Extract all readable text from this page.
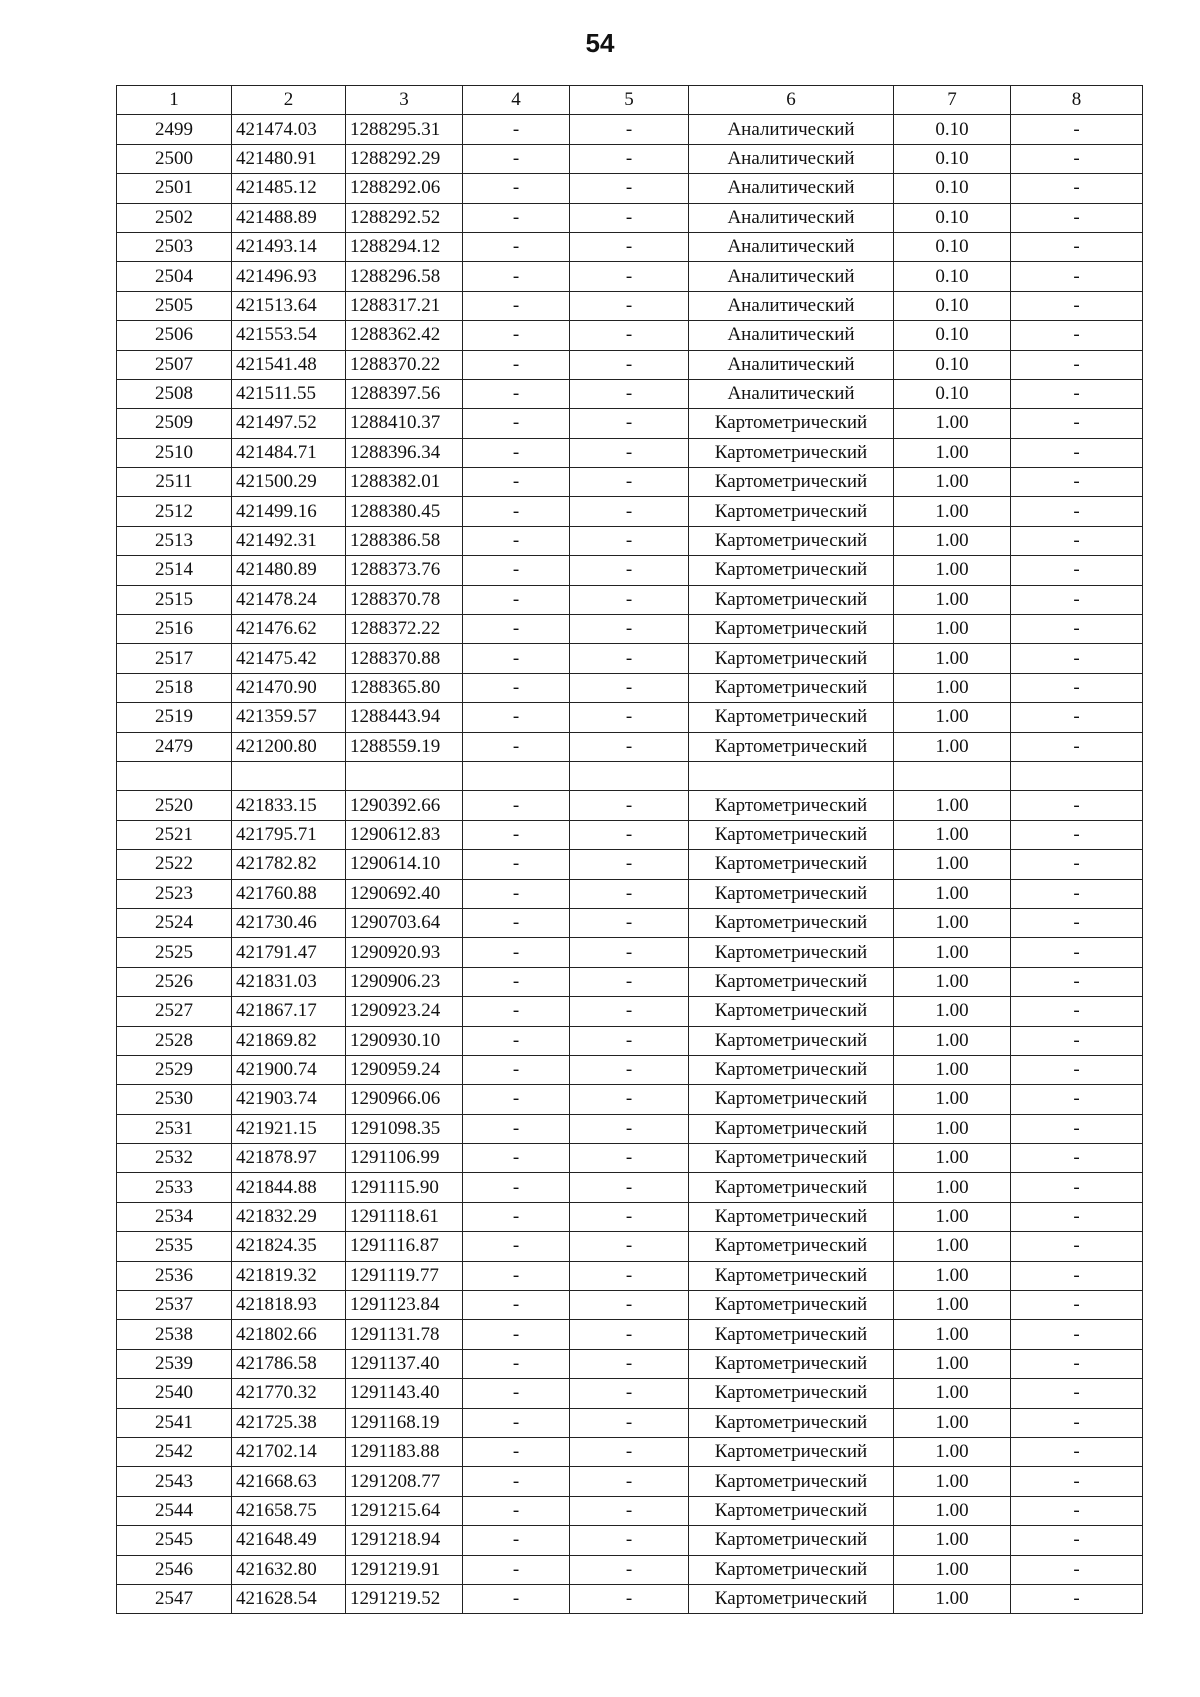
54
1	2	3	4	5	6	7	8
2499	421474.03	1288295.31	-	-	Аналитический	0.10	-
2500	421480.91	1288292.29	-	-	Аналитический	0.10	-
2501	421485.12	1288292.06	-	-	Аналитический	0.10	-
2502	421488.89	1288292.52	-	-	Аналитический	0.10	-
2503	421493.14	1288294.12	-	-	Аналитический	0.10	-
2504	421496.93	1288296.58	-	-	Аналитический	0.10	-
2505	421513.64	1288317.21	-	-	Аналитический	0.10	-
2506	421553.54	1288362.42	-	-	Аналитический	0.10	-
2507	421541.48	1288370.22	-	-	Аналитический	0.10	-
2508	421511.55	1288397.56	-	-	Аналитический	0.10	-
2509	421497.52	1288410.37	-	-	Картометрический	1.00	-
2510	421484.71	1288396.34	-	-	Картометрический	1.00	-
2511	421500.29	1288382.01	-	-	Картометрический	1.00	-
2512	421499.16	1288380.45	-	-	Картометрический	1.00	-
2513	421492.31	1288386.58	-	-	Картометрический	1.00	-
2514	421480.89	1288373.76	-	-	Картометрический	1.00	-
2515	421478.24	1288370.78	-	-	Картометрический	1.00	-
2516	421476.62	1288372.22	-	-	Картометрический	1.00	-
2517	421475.42	1288370.88	-	-	Картометрический	1.00	-
2518	421470.90	1288365.80	-	-	Картометрический	1.00	-
2519	421359.57	1288443.94	-	-	Картометрический	1.00	-
2479	421200.80	1288559.19	-	-	Картометрический	1.00	-

2520	421833.15	1290392.66	-	-	Картометрический	1.00	-
2521	421795.71	1290612.83	-	-	Картометрический	1.00	-
2522	421782.82	1290614.10	-	-	Картометрический	1.00	-
2523	421760.88	1290692.40	-	-	Картометрический	1.00	-
2524	421730.46	1290703.64	-	-	Картометрический	1.00	-
2525	421791.47	1290920.93	-	-	Картометрический	1.00	-
2526	421831.03	1290906.23	-	-	Картометрический	1.00	-
2527	421867.17	1290923.24	-	-	Картометрический	1.00	-
2528	421869.82	1290930.10	-	-	Картометрический	1.00	-
2529	421900.74	1290959.24	-	-	Картометрический	1.00	-
2530	421903.74	1290966.06	-	-	Картометрический	1.00	-
2531	421921.15	1291098.35	-	-	Картометрический	1.00	-
2532	421878.97	1291106.99	-	-	Картометрический	1.00	-
2533	421844.88	1291115.90	-	-	Картометрический	1.00	-
2534	421832.29	1291118.61	-	-	Картометрический	1.00	-
2535	421824.35	1291116.87	-	-	Картометрический	1.00	-
2536	421819.32	1291119.77	-	-	Картометрический	1.00	-
2537	421818.93	1291123.84	-	-	Картометрический	1.00	-
2538	421802.66	1291131.78	-	-	Картометрический	1.00	-
2539	421786.58	1291137.40	-	-	Картометрический	1.00	-
2540	421770.32	1291143.40	-	-	Картометрический	1.00	-
2541	421725.38	1291168.19	-	-	Картометрический	1.00	-
2542	421702.14	1291183.88	-	-	Картометрический	1.00	-
2543	421668.63	1291208.77	-	-	Картометрический	1.00	-
2544	421658.75	1291215.64	-	-	Картометрический	1.00	-
2545	421648.49	1291218.94	-	-	Картометрический	1.00	-
2546	421632.80	1291219.91	-	-	Картометрический	1.00	-
2547	421628.54	1291219.52	-	-	Картометрический	1.00	-
